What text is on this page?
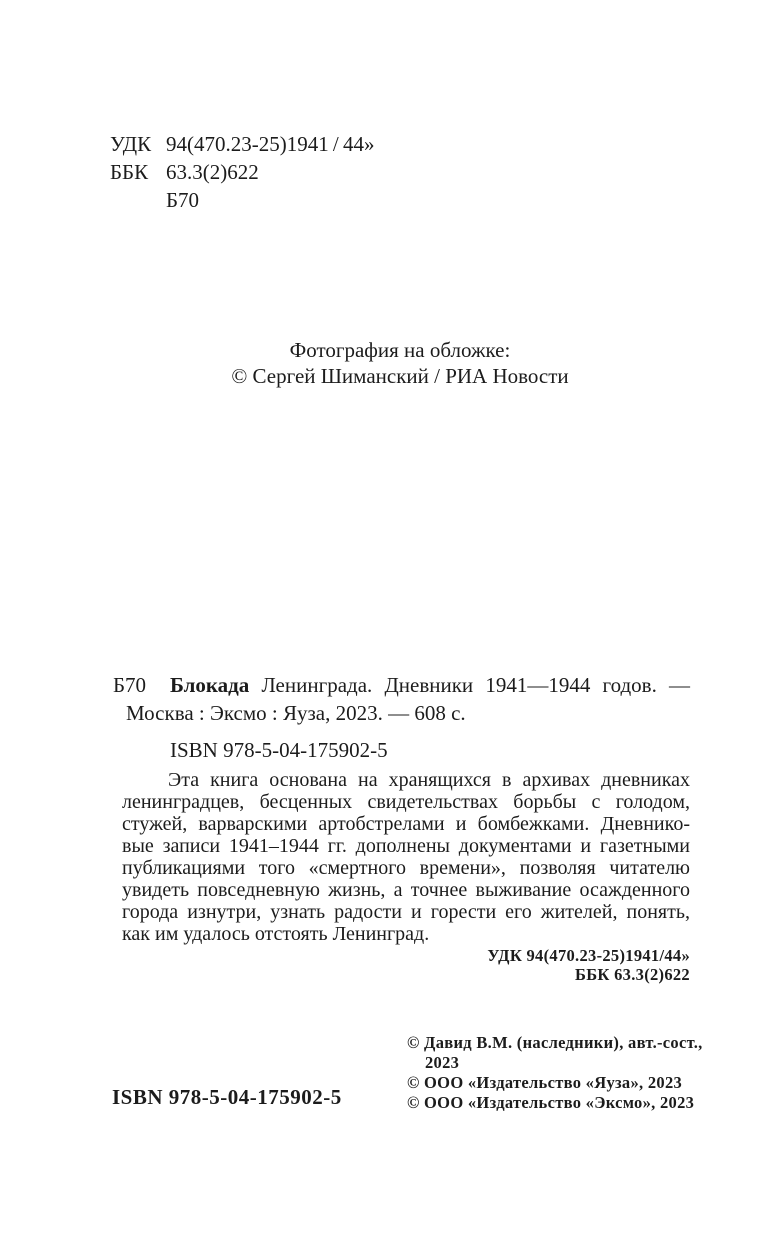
УДК 94(470.23-25)1941 / 44»
ББК 63.3(2)622
Б70
Фотография на обложке:
© Сергей Шиманский / РИА Новости
Б70	Блокада Ленинграда. Дневники 1941—1944 годов. —
Москва : Эксмо : Яуза, 2023. — 608 с.
ISBN 978-5-04-175902-5
Эта книга основана на хранящихся в архивах дневниках
ленинградцев, бесценных свидетельствах борьбы с голодом,
стужей, варварскими артобстрелами и бомбежками. Дневнико-
вые записи 1941–1944 гг. дополнены документами и газетными
публикациями того «смертного времени», позволяя читателю
увидеть повседневную жизнь, а точнее выживание осажденного
города изнутри, узнать радости и горести его жителей, понять,
как им удалось отстоять Ленинград.
УДК 94(470.23-25)1941/44»
ББК 63.3(2)622
© Давид В.М. (наследники), авт.-сост.,
2023
© ООО «Издательство «Яуза», 2023
© ООО «Издательство «Эксмо», 2023
ISBN 978-5-04-175902-5
